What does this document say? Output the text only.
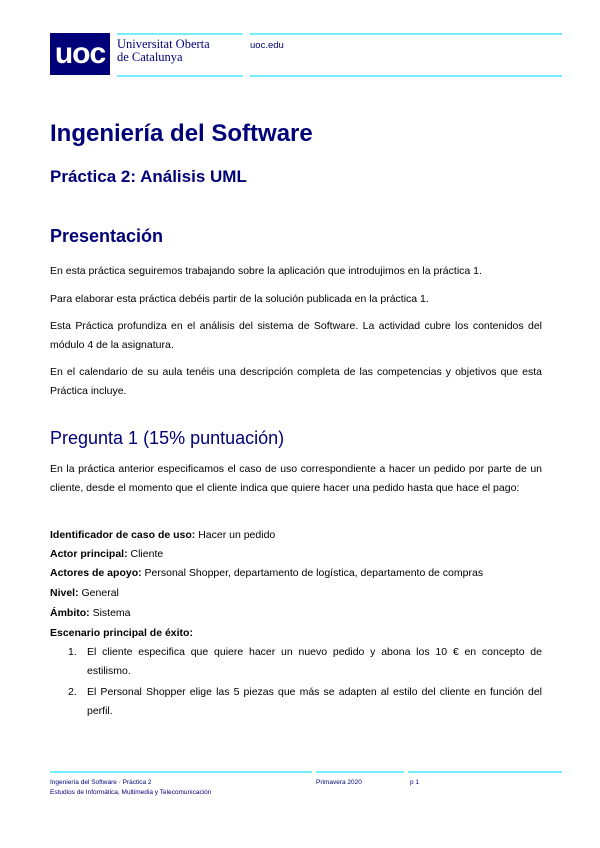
uoc Universitat Oberta
de Catalunya
uoc.edu
Ingeniería del Software
Práctica 2: Análisis UML
Presentación

En esta práctica seguiremos trabajando sobre la aplicación que introdujimos en la práctica 1.

Para elaborar esta práctica debéis partir de la solución publicada en la práctica 1.

Esta Práctica profundiza en el análisis del sistema de Software. La actividad cubre los contenidos del módulo 4 de la asignatura.

En el calendario de su aula tenéis una descripción completa de las competencias y objetivos que esta Práctica incluye.

Pregunta 1 (15% puntuación)

En la práctica anterior especificamos el caso de uso correspondiente a hacer un pedido por parte de un cliente, desde el momento que el cliente indica que quiere hacer una pedido hasta que hace el pago:

Identificador de caso de uso: Hacer un pedido

Actor principal: Cliente

Actores de apoyo: Personal Shopper, departamento de logística, departamento de compras

Nivel: General

Ámbito: Sistema

Escenario principal de éxito:

1. El cliente especifica que quiere hacer un nuevo pedido y abona los 10 € en concepto de estilismo.
2. El Personal Shopper elige las 5 piezas que más se adapten al estilo del cliente en función del perfil.
Ingeniería del Software · Práctica 2
Estudios de Informática, Multimedia y Telecomunicación
Primavera 2020	p 1
